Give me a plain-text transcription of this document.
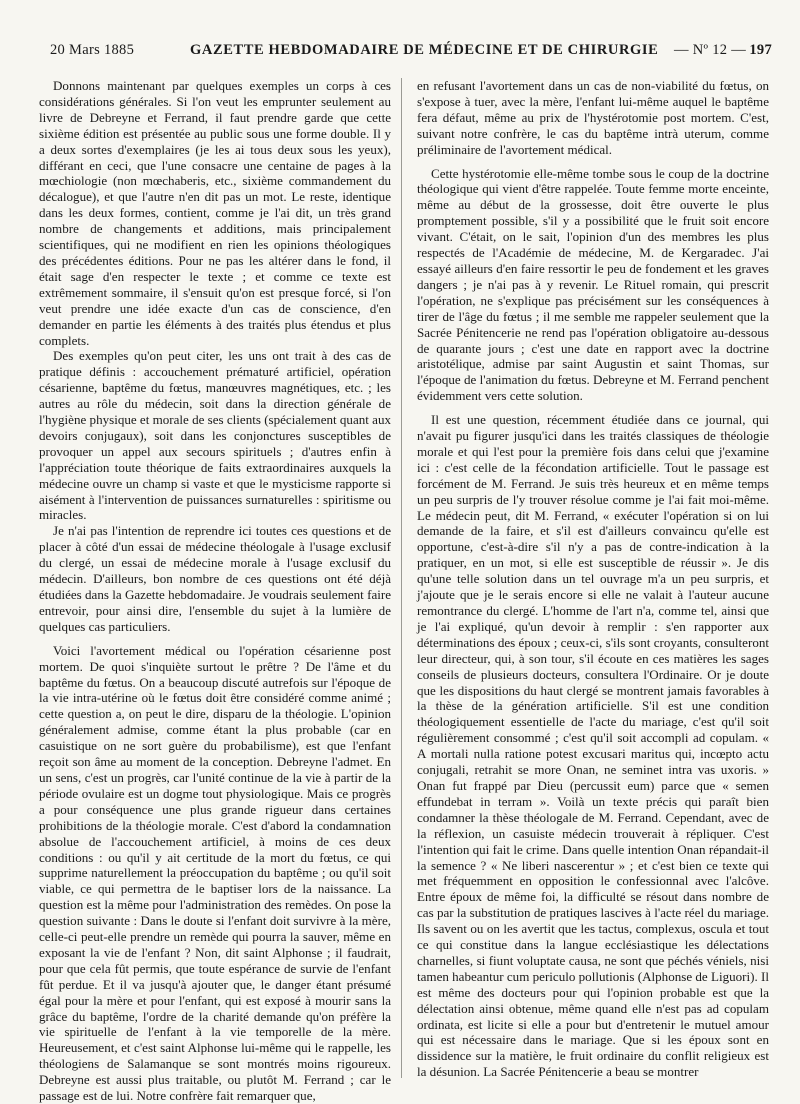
20 Mars 1885	GAZETTE HEBDOMADAIRE DE MÉDECINE ET DE CHIRURGIE — Nº 12 — 197

Donnons maintenant par quelques exemples un corps à ces considérations générales. Si l'on veut les emprunter seulement au livre de Debreyne et Ferrand, il faut prendre garde que cette sixième édition est présentée au public sous une forme double. Il y a deux sortes d'exemplaires (je les ai tous deux sous les yeux), différant en ceci, que l'une consacre une centaine de pages à la mœchiologie (non mœchaberis, etc., sixième commandement du décalogue), et que l'autre n'en dit pas un mot. Le reste, identique dans les deux formes, contient, comme je l'ai dit, un très grand nombre de changements et additions, mais principalement scientifiques, qui ne modifient en rien les opinions théologiques des précédentes éditions. Pour ne pas les altérer dans le fond, il était sage d'en respecter le texte ; et comme ce texte est extrêmement sommaire, il s'ensuit qu'on est presque forcé, si l'on veut prendre une idée exacte d'un cas de conscience, d'en demander en partie les éléments à des traités plus étendus et plus complets.

Des exemples qu'on peut citer, les uns ont trait à des cas de pratique définis : accouchement prématuré artificiel, opération césarienne, baptême du fœtus, manœuvres magnétiques, etc. ; les autres au rôle du médecin, soit dans la direction générale de l'hygiène physique et morale de ses clients (spécialement quant aux devoirs conjugaux), soit dans les conjonctures susceptibles de provoquer un appel aux secours spirituels ; d'autres enfin à l'appréciation toute théorique de faits extraordinaires auxquels la médecine ouvre un champ si vaste et que le mysticisme rapporte si aisément à l'intervention de puissances surnaturelles : spiritisme ou miracles.

Je n'ai pas l'intention de reprendre ici toutes ces questions et de placer à côté d'un essai de médecine théologale à l'usage exclusif du clergé, un essai de médecine morale à l'usage exclusif du médecin. D'ailleurs, bon nombre de ces questions ont été déjà étudiées dans la Gazette hebdomadaire. Je voudrais seulement faire entrevoir, pour ainsi dire, l'ensemble du sujet à la lumière de quelques cas particuliers.

Voici l'avortement médical ou l'opération césarienne post mortem. De quoi s'inquiète surtout le prêtre ? De l'âme et du baptême du fœtus. On a beaucoup discuté autrefois sur l'époque de la vie intra-utérine où le fœtus doit être considéré comme animé ; cette question a, on peut le dire, disparu de la théologie. L'opinion généralement admise, comme étant la plus probable (car en casuistique on ne sort guère du probabilisme), est que l'enfant reçoit son âme au moment de la conception. Debreyne l'admet. En un sens, c'est un progrès, car l'unité continue de la vie à partir de la période ovulaire est un dogme tout physiologique. Mais ce progrès a pour conséquence une plus grande rigueur dans certaines prohibitions de la théologie morale. C'est d'abord la condamnation absolue de l'accouchement artificiel, à moins de ces deux conditions : ou qu'il y ait certitude de la mort du fœtus, ce qui supprime naturellement la préoccupation du baptême ; ou qu'il soit viable, ce qui permettra de le baptiser lors de la naissance. La question est la même pour l'administration des remèdes. On pose la question suivante : Dans le doute si l'enfant doit survivre à la mère, celle-ci peut-elle prendre un remède qui pourra la sauver, même en exposant la vie de l'enfant ? Non, dit saint Alphonse ; il faudrait, pour que cela fût permis, que toute espérance de survie de l'enfant fût perdue. Et il va jusqu'à ajouter que, le danger étant présumé égal pour la mère et pour l'enfant, qui est exposé à mourir sans la grâce du baptême, l'ordre de la charité demande qu'on préfère la vie spirituelle de l'enfant à la vie temporelle de la mère. Heureusement, et c'est saint Alphonse lui-même qui le rappelle, les théologiens de Salamanque se sont montrés moins rigoureux. Debreyne est aussi plus traitable, ou plutôt M. Ferrand ; car le passage est de lui. Notre confrère fait remarquer que,

en refusant l'avortement dans un cas de non-viabilité du fœtus, on s'expose à tuer, avec la mère, l'enfant lui-même auquel le baptême fera défaut, même au prix de l'hystérotomie post mortem. C'est, suivant notre confrère, le cas du baptême intrà uterum, comme préliminaire de l'avortement médical.

Cette hystérotomie elle-même tombe sous le coup de la doctrine théologique qui vient d'être rappelée. Toute femme morte enceinte, même au début de la grossesse, doit être ouverte le plus promptement possible, s'il y a possibilité que le fruit soit encore vivant. C'était, on le sait, l'opinion d'un des membres les plus respectés de l'Académie de médecine, M. de Kergaradec. J'ai essayé ailleurs d'en faire ressortir le peu de fondement et les graves dangers ; je n'ai pas à y revenir. Le Rituel romain, qui prescrit l'opération, ne s'explique pas précisément sur les conséquences à tirer de l'âge du fœtus ; il me semble me rappeler seulement que la Sacrée Pénitencerie ne rend pas l'opération obligatoire au-dessous de quarante jours ; c'est une date en rapport avec la doctrine aristotélique, admise par saint Augustin et saint Thomas, sur l'époque de l'animation du fœtus. Debreyne et M. Ferrand penchent évidemment vers cette solution.

Il est une question, récemment étudiée dans ce journal, qui n'avait pu figurer jusqu'ici dans les traités classiques de théologie morale et qui l'est pour la première fois dans celui que j'examine ici : c'est celle de la fécondation artificielle. Tout le passage est forcément de M. Ferrand. Je suis très heureux et en même temps un peu surpris de l'y trouver résolue comme je l'ai fait moi-même. Le médecin peut, dit M. Ferrand, « exécuter l'opération si on lui demande de la faire, et s'il est d'ailleurs convaincu qu'elle est opportune, c'est-à-dire s'il n'y a pas de contre-indication à la pratiquer, en un mot, si elle est susceptible de réussir ». Je dis qu'une telle solution dans un tel ouvrage m'a un peu surpris, et j'ajoute que je le serais encore si elle ne valait à l'auteur aucune remontrance du clergé. L'homme de l'art n'a, comme tel, ainsi que je l'ai expliqué, qu'un devoir à remplir : s'en rapporter aux déterminations des époux ; ceux-ci, s'ils sont croyants, consulteront leur directeur, qui, à son tour, s'il écoute en ces matières les sages conseils de plusieurs docteurs, consultera l'Ordinaire. Or je doute que les dispositions du haut clergé se montrent jamais favorables à la thèse de la génération artificielle. S'il est une condition théologiquement essentielle de l'acte du mariage, c'est qu'il soit régulièrement consommé ; c'est qu'il soit accompli ad copulam. « A mortali nulla ratione potest excusari maritus qui, incœpto actu conjugali, retrahit se more Onan, ne seminet intra vas uxoris. » Onan fut frappé par Dieu (percussit eum) parce que « semen effundebat in terram ». Voilà un texte précis qui paraît bien condamner la thèse théologale de M. Ferrand. Cependant, avec de la réflexion, un casuiste médecin trouverait à répliquer. C'est l'intention qui fait le crime. Dans quelle intention Onan répandait-il la semence ? « Ne liberi nascerentur » ; et c'est bien ce texte qui met fréquemment en opposition le confessionnal avec l'alcôve. Entre époux de même foi, la difficulté se résout dans nombre de cas par la substitution de pratiques lascives à l'acte réel du mariage. Ils savent ou on les avertit que les tactus, complexus, oscula et tout ce qui constitue dans la langue ecclésiastique les délectations charnelles, si fiunt voluptate causa, ne sont que péchés véniels, nisi tamen habeantur cum periculo pollutionis (Alphonse de Liguori). Il est même des docteurs pour qui l'opinion probable est que la délectation ainsi obtenue, même quand elle n'est pas ad copulam ordinata, est licite si elle a pour but d'entretenir le mutuel amour qui est nécessaire dans le mariage. Que si les époux sont en dissidence sur la matière, le fruit ordinaire du conflit religieux est la désunion. La Sacrée Pénitencerie a beau se montrer
